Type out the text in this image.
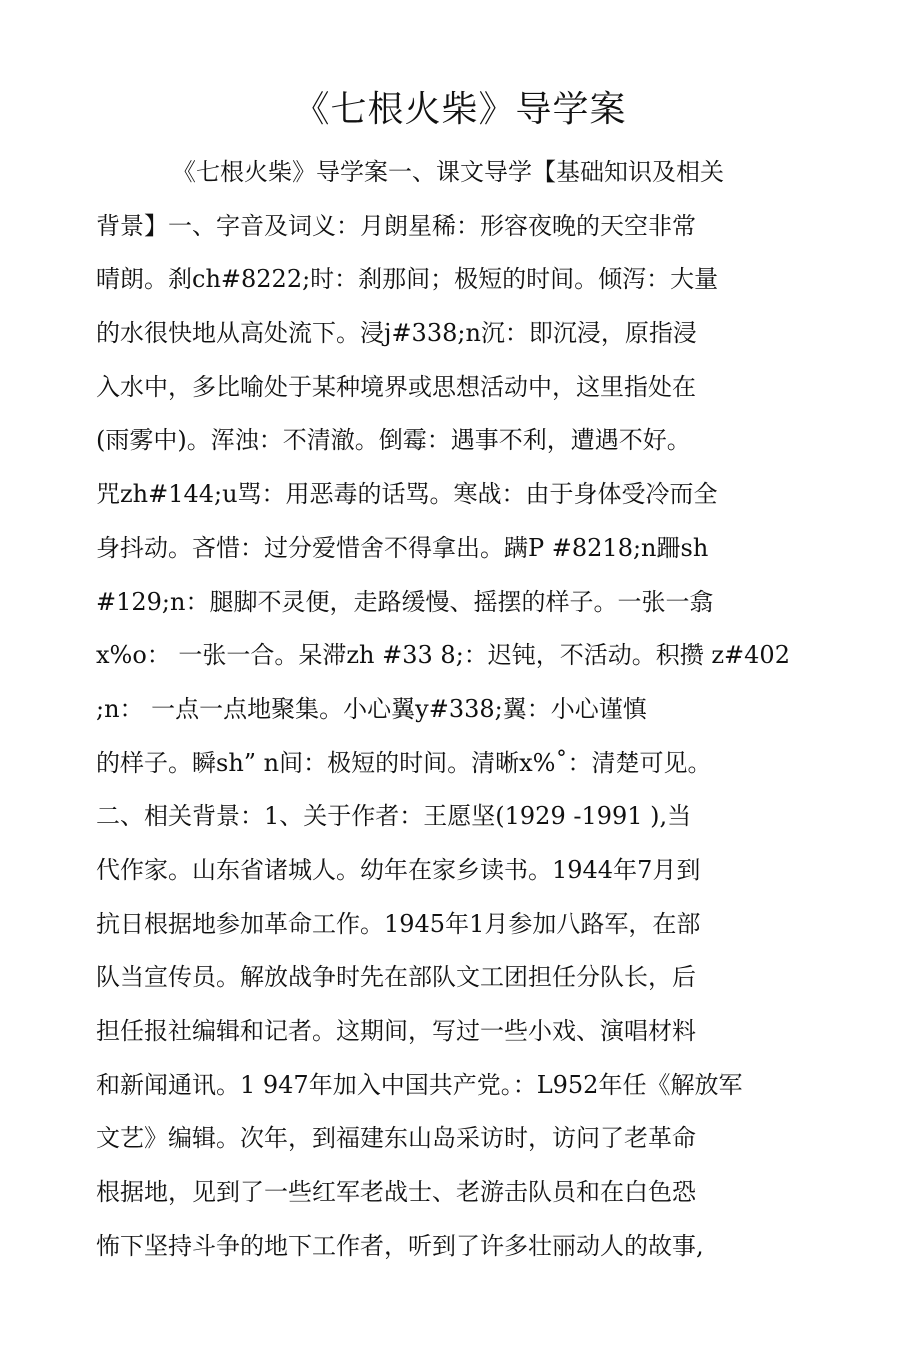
《七根火柴》导学案
《七根火柴》导学案一、课文导学【基础知识及相关
背景】一、字音及词义：月朗星稀：形容夜晚的天空非常
晴朗。刹ch#8222;时：刹那间；极短的时间。倾泻：大量
的水很快地从高处流下。浸j#338;n沉：即沉浸，原指浸
入水中，多比喻处于某种境界或思想活动中，这里指处在
(雨雾中)。浑浊：不清澈。倒霉：遇事不利，遭遇不好。
咒zh#144;u骂：用恶毒的话骂。寒战：由于身体受冷而全
身抖动。吝惜：过分爱惜舍不得拿出。蹒P #8218;n跚sh
#129;n：腿脚不灵便，走路缓慢、摇摆的样子。一张一翕
x%o： 一张一合。呆滞zh #33 8;：迟钝，不活动。积攒 z#402
;n： 一点一点地聚集。小心翼y#338;翼：小心谨慎
的样子。瞬sh” n间：极短的时间。清晰x%˚：清楚可见。
二、相关背景：1、关于作者：王愿坚(1929 -1991 ),当
代作家。山东省诸城人。幼年在家乡读书。1944年7月到
抗日根据地参加革命工作。1945年1月参加八路军，在部
队当宣传员。解放战争时先在部队文工团担任分队长，后
担任报社编辑和记者。这期间，写过一些小戏、演唱材料
和新闻通讯。1 947年加入中国共产党。：L952年任《解放军
文艺》编辑。次年，到福建东山岛采访时，访问了老革命
根据地，见到了一些红军老战士、老游击队员和在白色恐
怖下坚持斗争的地下工作者，听到了许多壮丽动人的故事,
